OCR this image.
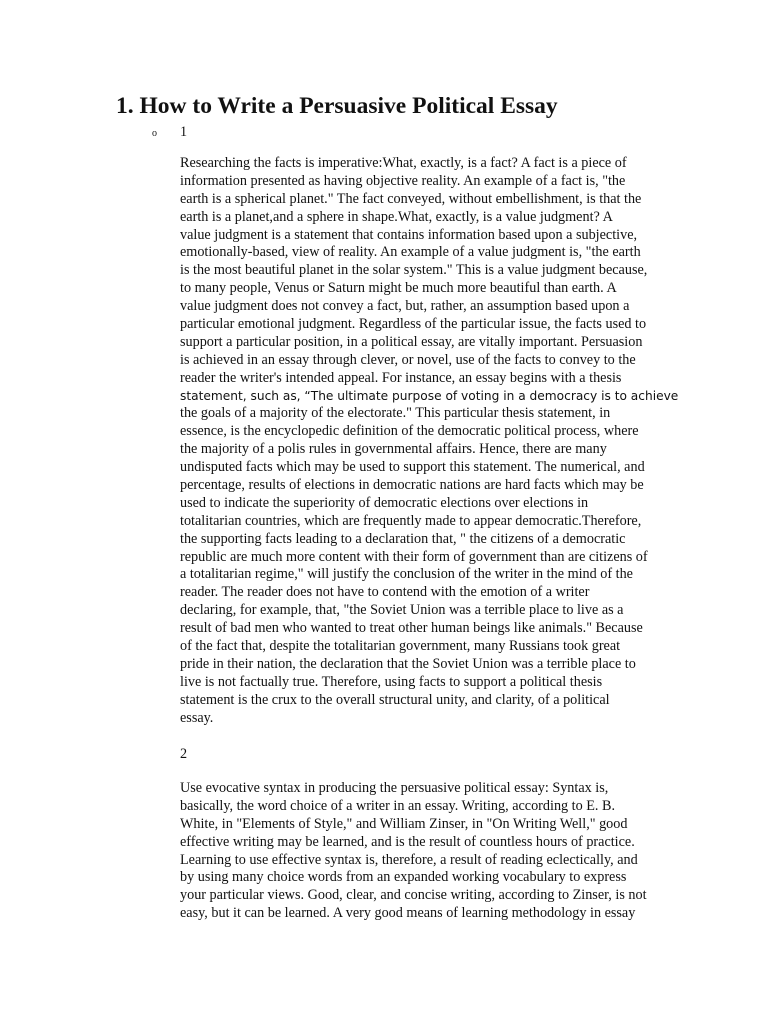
1. How to Write a Persuasive Political Essay
o 1
Researching the facts is imperative:What, exactly, is a fact? A fact is a piece of
information presented as having objective reality. An example of a fact is, "the
earth is a spherical planet." The fact conveyed, without embellishment, is that the
earth is a planet,and a sphere in shape.What, exactly, is a value judgment? A
value judgment is a statement that contains information based upon a subjective,
emotionally-based, view of reality. An example of a value judgment is, "the earth
is the most beautiful planet in the solar system." This is a value judgment because,
to many people, Venus or Saturn might be much more beautiful than earth. A
value judgment does not convey a fact, but, rather, an assumption based upon a
particular emotional judgment. Regardless of the particular issue, the facts used to
support a particular position, in a political essay, are vitally important. Persuasion
is achieved in an essay through clever, or novel, use of the facts to convey to the
reader the writer's intended appeal. For instance, an essay begins with a thesis
statement, such as, “The ultimate purpose of voting in a democracy is to achieve
the goals of a majority of the electorate." This particular thesis statement, in
essence, is the encyclopedic definition of the democratic political process, where
the majority of a polis rules in governmental affairs. Hence, there are many
undisputed facts which may be used to support this statement. The numerical, and
percentage, results of elections in democratic nations are hard facts which may be
used to indicate the superiority of democratic elections over elections in
totalitarian countries, which are frequently made to appear democratic.Therefore,
the supporting facts leading to a declaration that, " the citizens of a democratic
republic are much more content with their form of government than are citizens of
a totalitarian regime," will justify the conclusion of the writer in the mind of the
reader. The reader does not have to contend with the emotion of a writer
declaring, for example, that, "the Soviet Union was a terrible place to live as a
result of bad men who wanted to treat other human beings like animals." Because
of the fact that, despite the totalitarian government, many Russians took great
pride in their nation, the declaration that the Soviet Union was a terrible place to
live is not factually true. Therefore, using facts to support a political thesis
statement is the crux to the overall structural unity, and clarity, of a political
essay.
2
Use evocative syntax in producing the persuasive political essay: Syntax is,
basically, the word choice of a writer in an essay. Writing, according to E. B.
White, in "Elements of Style," and William Zinser, in "On Writing Well," good
effective writing may be learned, and is the result of countless hours of practice.
Learning to use effective syntax is, therefore, a result of reading eclectically, and
by using many choice words from an expanded working vocabulary to express
your particular views. Good, clear, and concise writing, according to Zinser, is not
easy, but it can be learned. A very good means of learning methodology in essay
